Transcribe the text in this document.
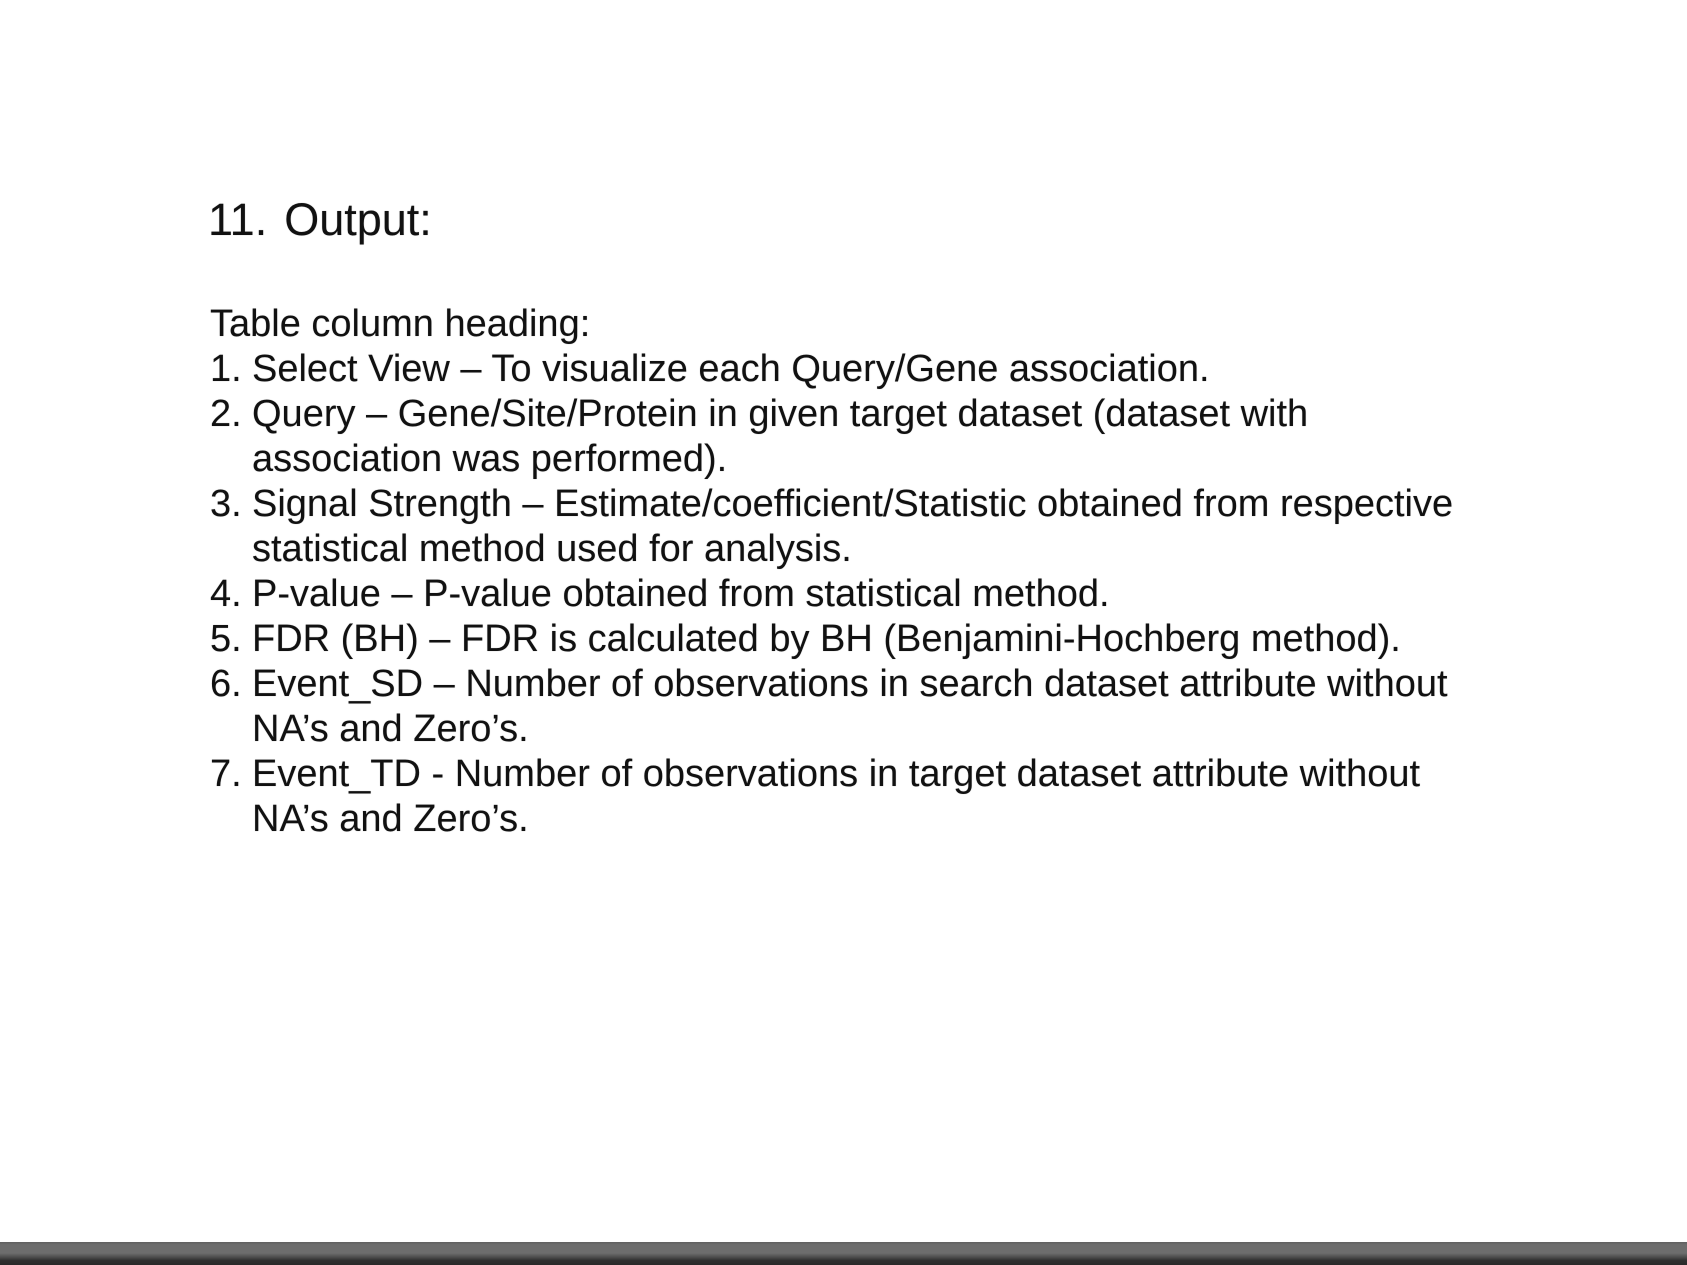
11. Output:
Table column heading:
1. Select View – To visualize each Query/Gene association.
2. Query – Gene/Site/Protein in given target dataset (dataset with
association was performed).
3. Signal Strength – Estimate/coefficient/Statistic obtained from respective
statistical method used for analysis.
4. P-value – P-value obtained from statistical method.
5. FDR (BH) – FDR is calculated by BH (Benjamini-Hochberg method).
6. Event_SD – Number of observations in search dataset attribute without
NA’s and Zero’s.
7. Event_TD - Number of observations in target dataset attribute without
NA’s and Zero’s.
